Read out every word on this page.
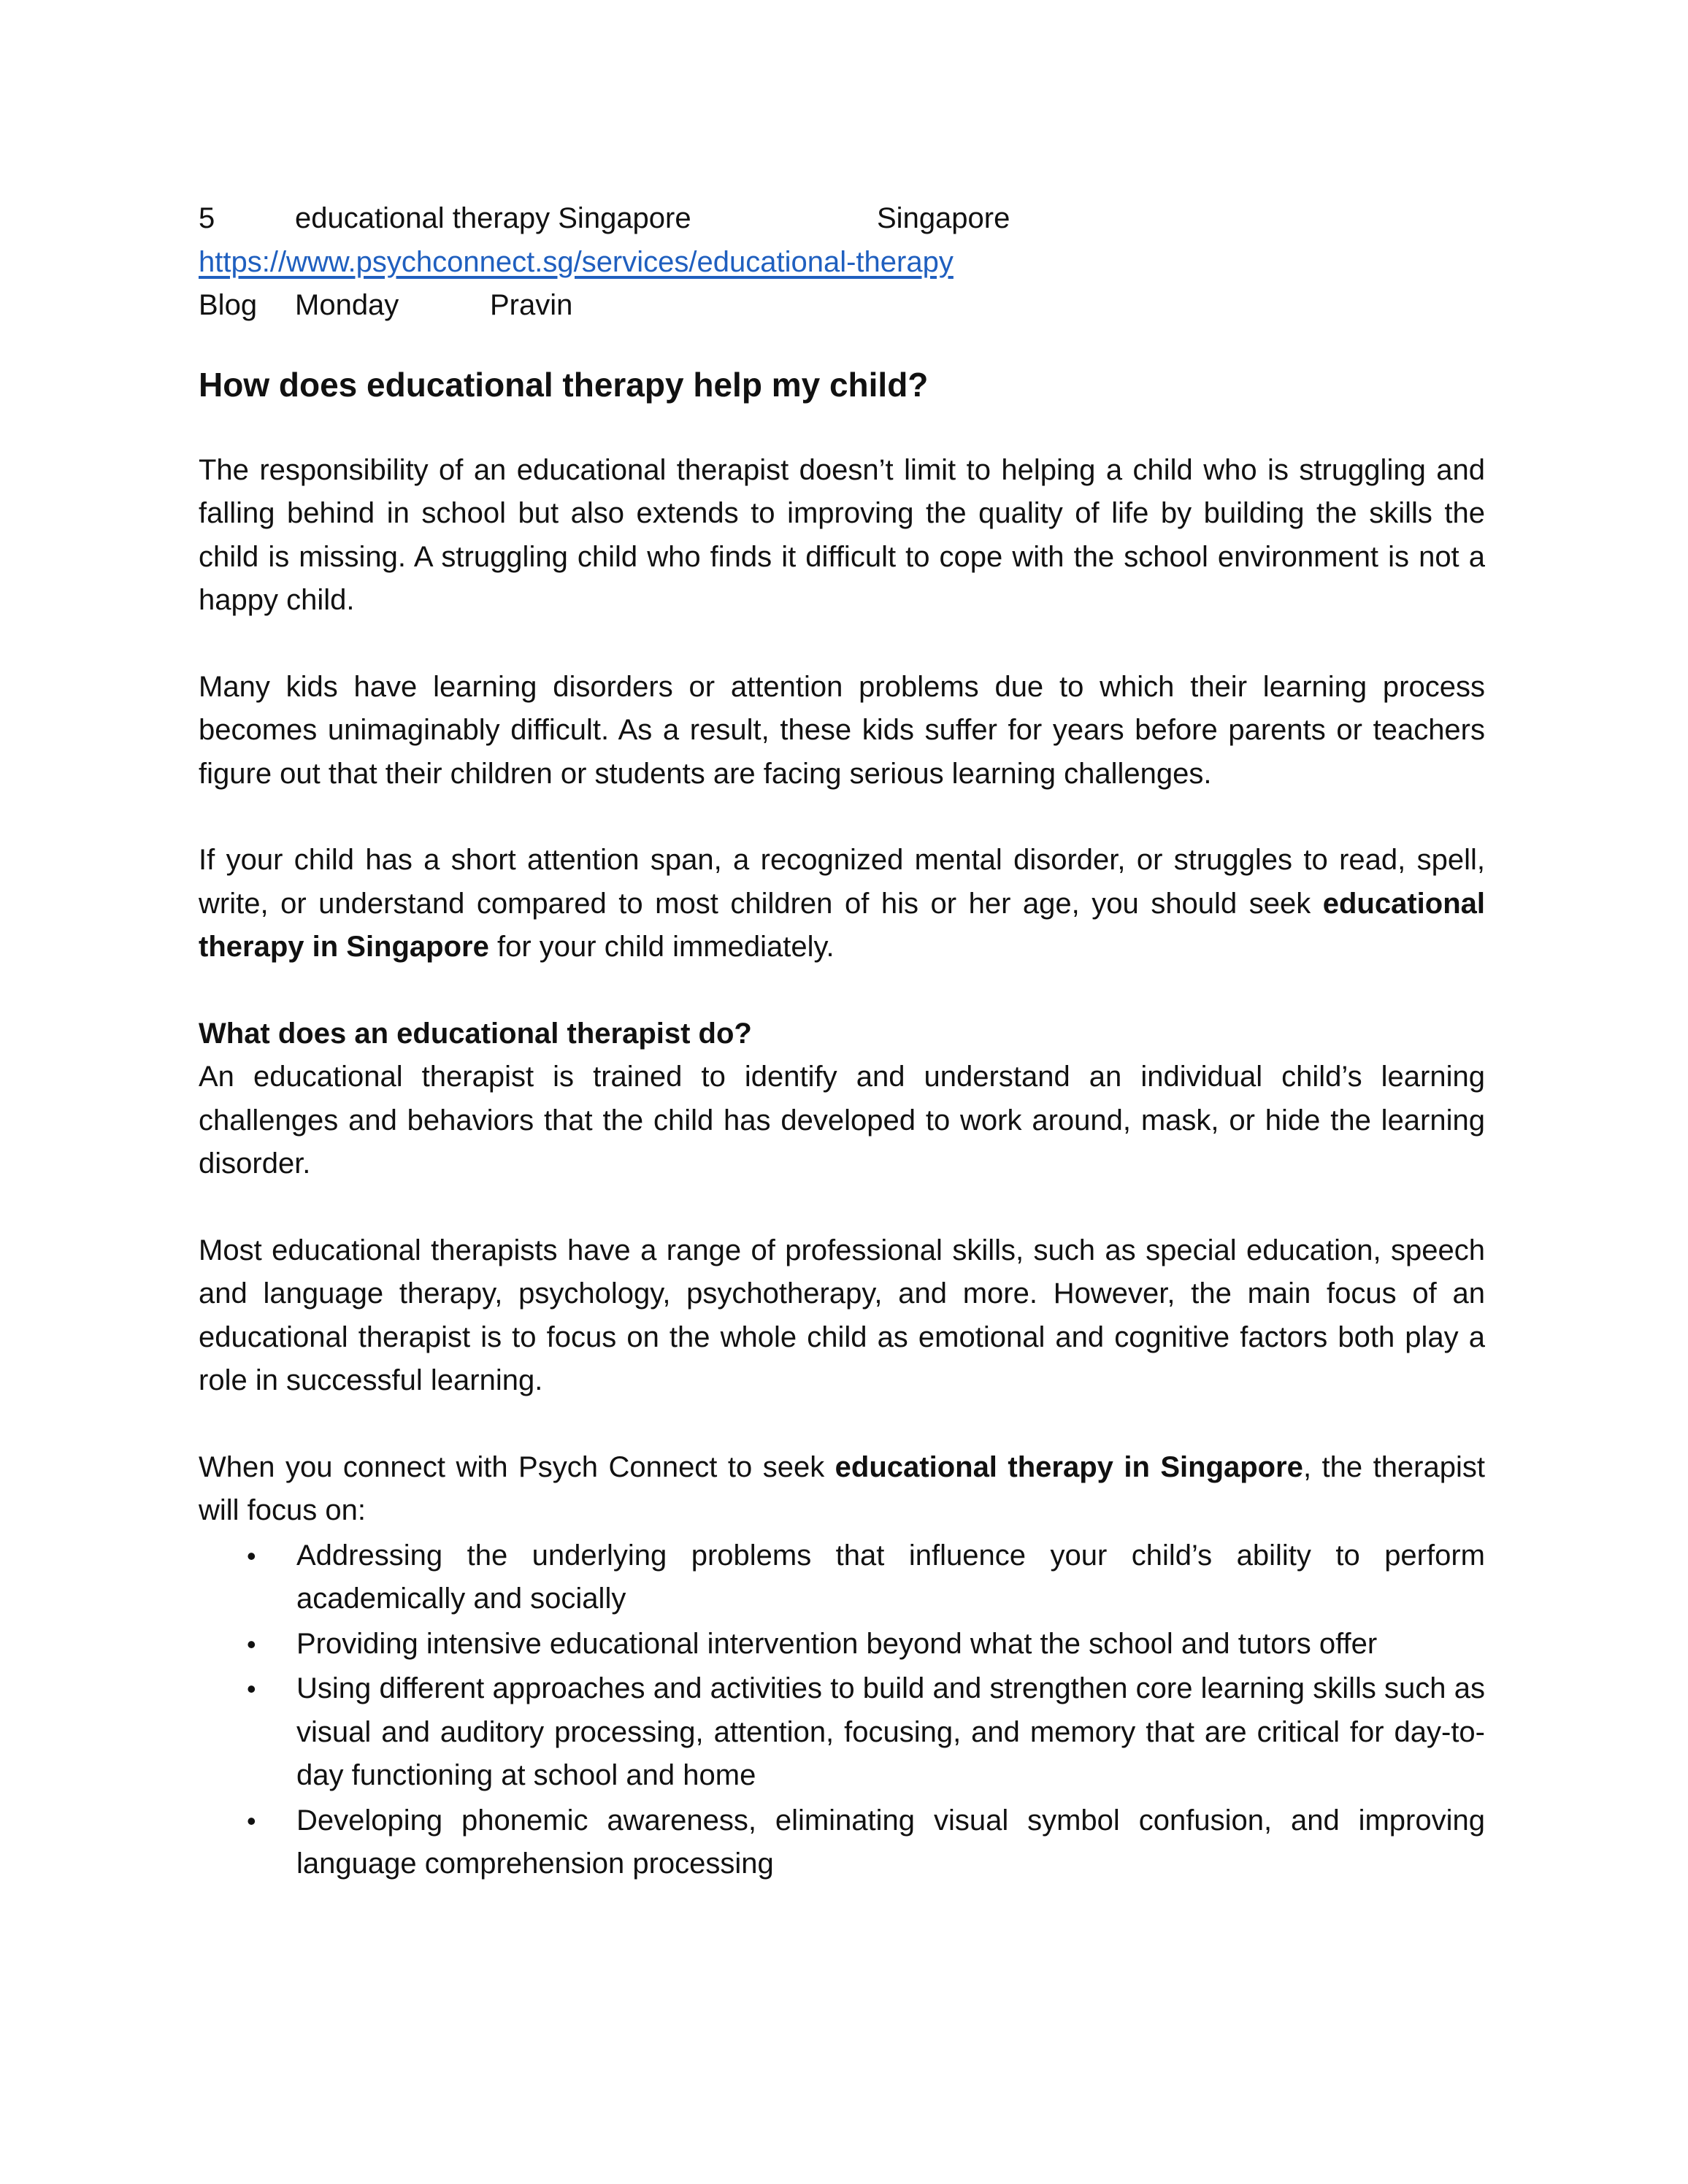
5	educational therapy Singapore	Singapore
https://www.psychconnect.sg/services/educational-therapy
Blog Monday	Pravin
How does educational therapy help my child?

The responsibility of an educational therapist doesn’t limit to helping a child who is struggling and falling behind in school but also extends to improving the quality of life by building the skills the child is missing. A struggling child who finds it difficult to cope with the school environment is not a happy child.

Many kids have learning disorders or attention problems due to which their learning process becomes unimaginably difficult. As a result, these kids suffer for years before parents or teachers figure out that their children or students are facing serious learning challenges.

If your child has a short attention span, a recognized mental disorder, or struggles to read, spell, write, or understand compared to most children of his or her age, you should seek educational therapy in Singapore for your child immediately.

What does an educational therapist do?

An educational therapist is trained to identify and understand an individual child’s learning challenges and behaviors that the child has developed to work around, mask, or hide the learning disorder.

Most educational therapists have a range of professional skills, such as special education, speech and language therapy, psychology, psychotherapy, and more. However, the main focus of an educational therapist is to focus on the whole child as emotional and cognitive factors both play a role in successful learning.

When you connect with Psych Connect to seek educational therapy in Singapore, the therapist will focus on:

• Addressing the underlying problems that influence your child’s ability to perform academically and socially
• Providing intensive educational intervention beyond what the school and tutors offer
• Using different approaches and activities to build and strengthen core learning skills such as visual and auditory processing, attention, focusing, and memory that are critical for day-to-day functioning at school and home
• Developing phonemic awareness, eliminating visual symbol confusion, and improving language comprehension processing
